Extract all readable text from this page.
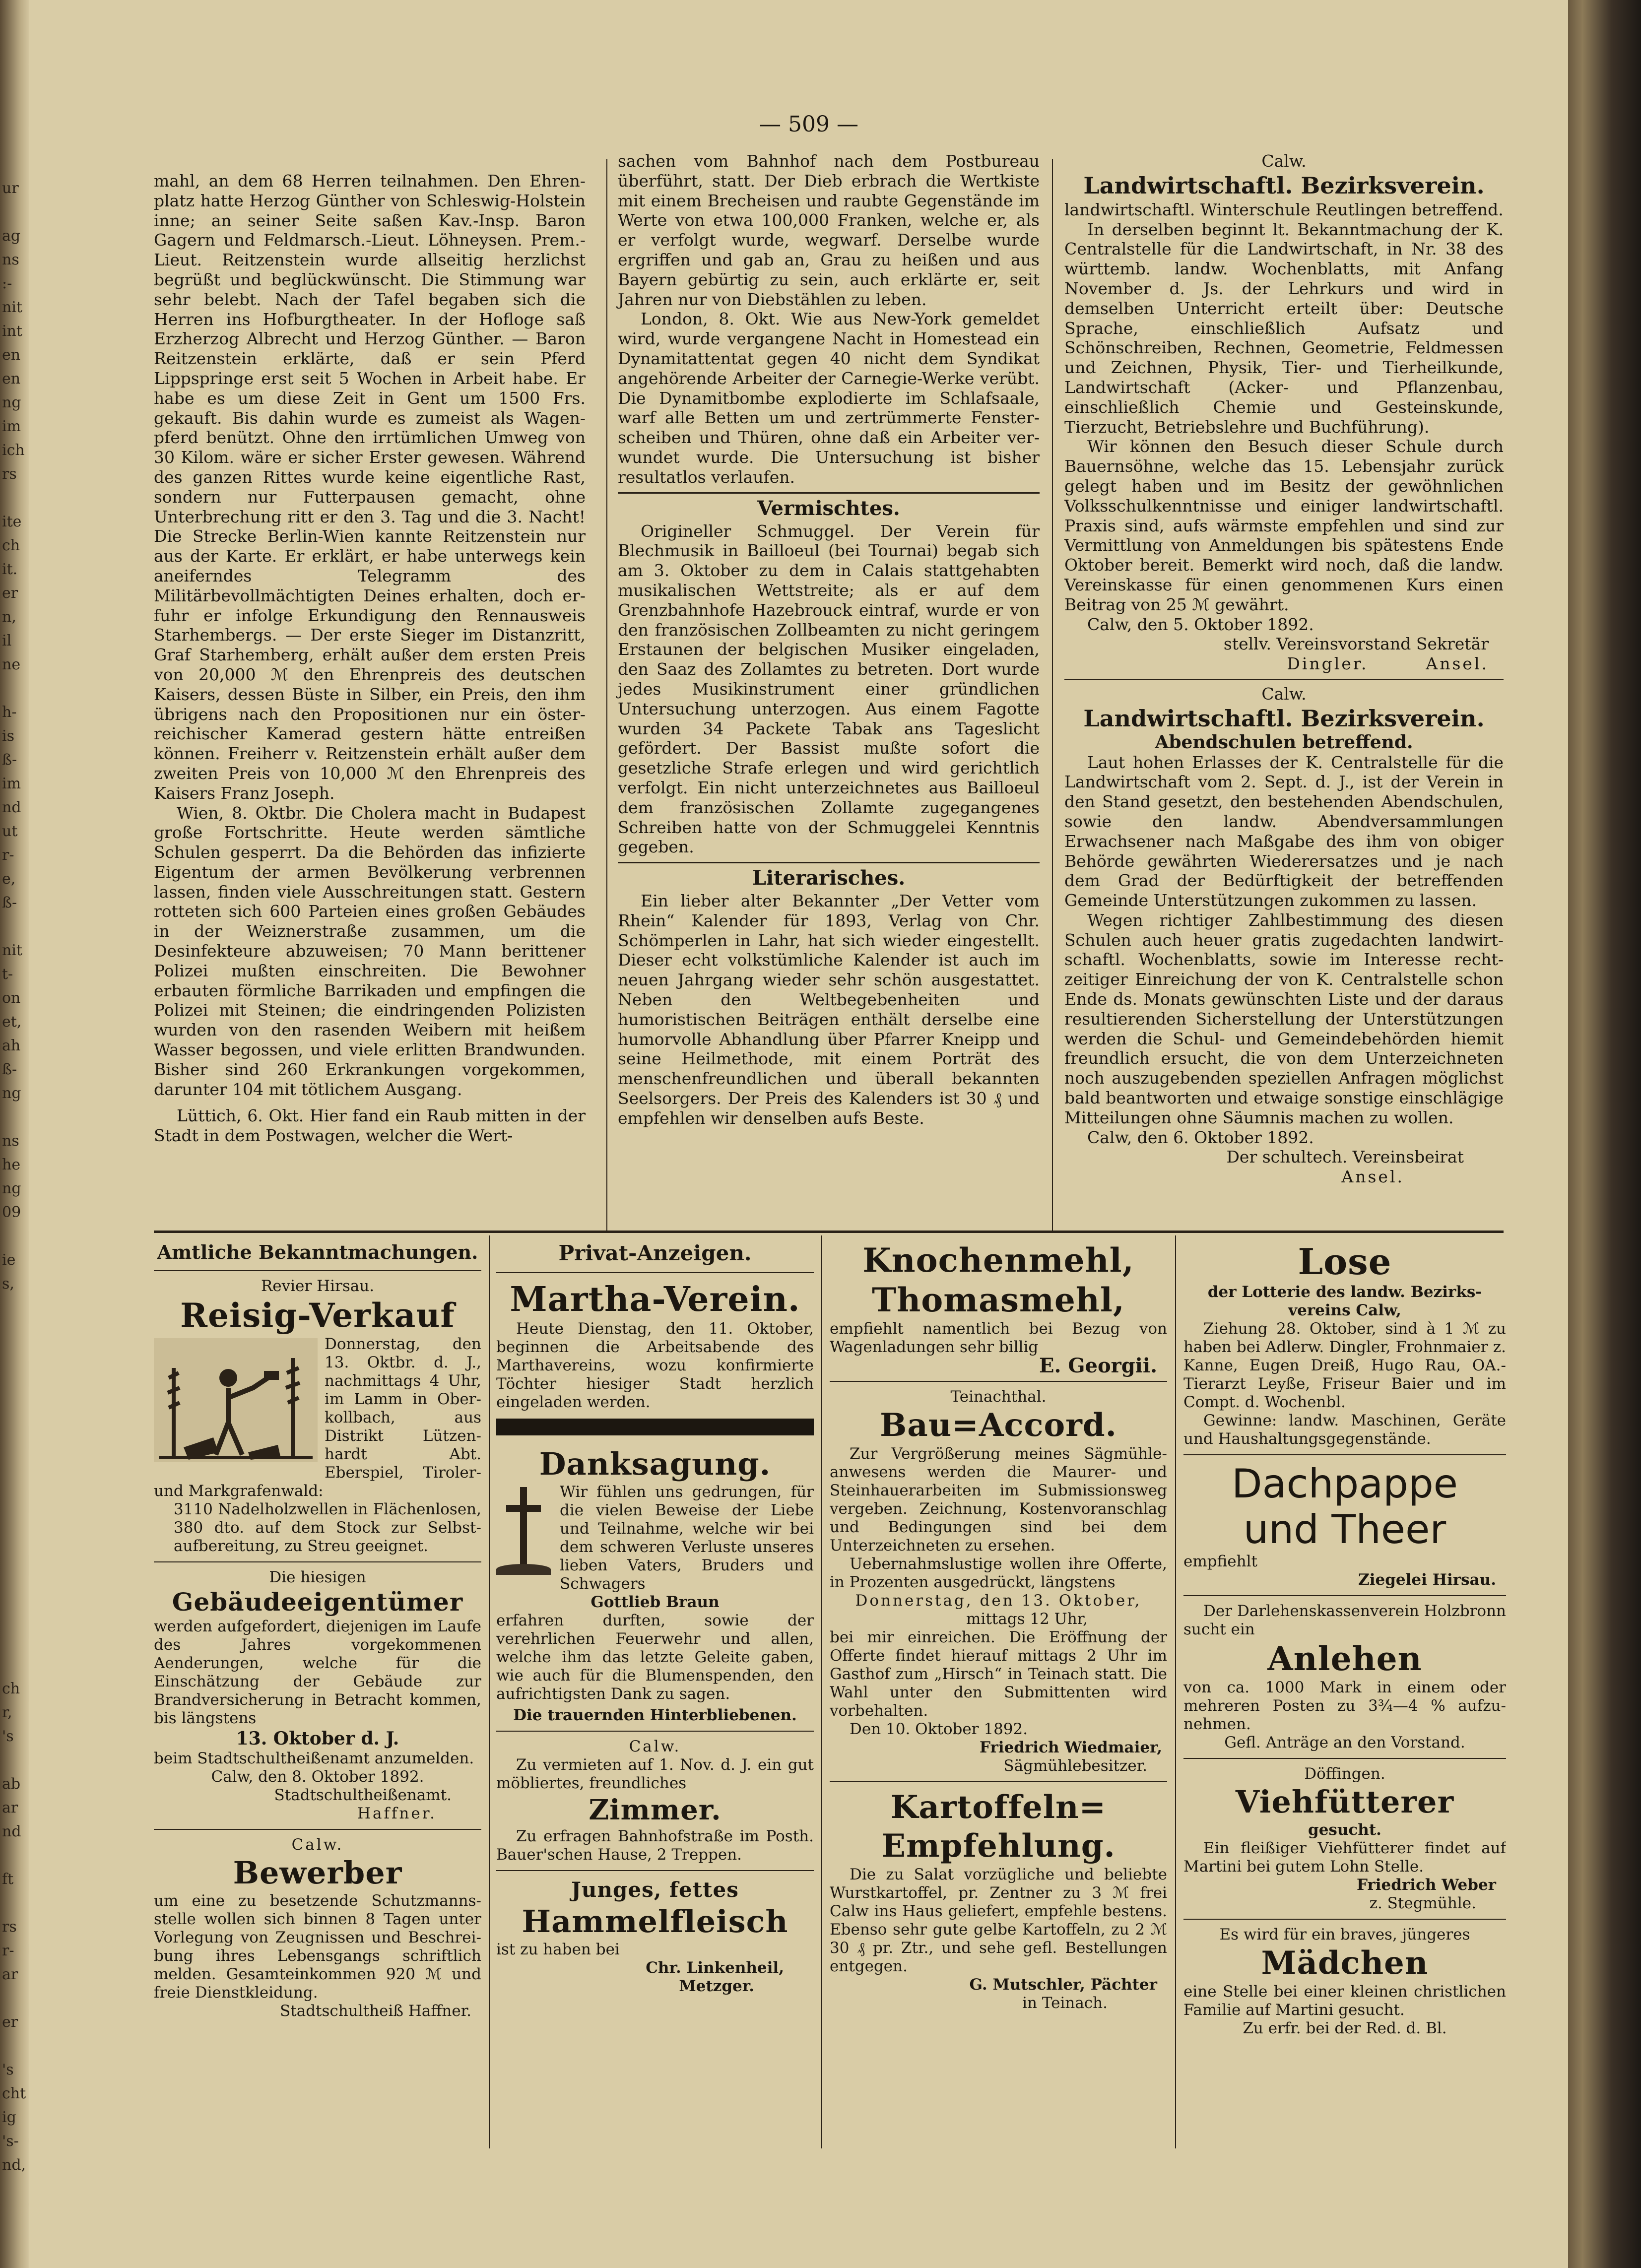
ur
ag
ns
:-
nit
int
en
en
ng
im
ich
rs
ite
ch
it.
er
n,
il
ne
h-
is
ß-
im
nd
ut
r-
e,
ß-
nit
t-
on
et,
ah
ß-
ng
ns
he
ng
09
ie
s,
ch
r,
's
ab
ar
nd
ft
rs
r-
ar
er
's
cht
ig
's-
nd,
— 509 —

mahl, an dem 68 Herren teilnahmen. Den Ehrenplatz hatte Herzog Günther von Schleswig-Holstein inne; an seiner Seite saßen Kav.-Insp. Baron Gagern und Feldmarsch.-Lieut. Löhneysen. Prem.-Lieut. Reitzenstein wurde allseitig herzlichst begrüßt und beglückwünscht. Die Stimmung war sehr belebt. Nach der Tafel begaben sich die Herren ins Hofburgtheater. In der Hofloge saß Erzherzog Albrecht und Herzog Günther. — Baron Reitzenstein erklärte, daß er sein Pferd Lippspringe erst seit 5 Wochen in Arbeit habe. Er habe es um diese Zeit in Gent um 1500 Frs. gekauft. Bis dahin wurde es zumeist als Wagenpferd benützt. Ohne den irrtümlichen Umweg von 30 Kilom. wäre er sicher Erster gewesen. Während des ganzen Rittes wurde keine eigentliche Rast, sondern nur Futterpausen gemacht, ohne Unterbrechung ritt er den 3. Tag und die 3. Nacht! Die Strecke Berlin-Wien kannte Reitzenstein nur aus der Karte. Er erklärt, er habe unterwegs kein aneiferndes Telegramm des Militärbevollmächtigten Deines erhalten, doch erfuhr er infolge Erkundigung den Rennausweis Starhembergs. — Der erste Sieger im Distanzritt, Graf Starhemberg, erhält außer dem ersten Preis von 20,000 ℳ den Ehrenpreis des deutschen Kaisers, dessen Büste in Silber, ein Preis, den ihm übrigens nach den Propositionen nur ein österreichischer Kamerad gestern hätte entreißen können. Freiherr v. Reitzenstein erhält außer dem zweiten Preis von 10,000 ℳ den Ehrenpreis des Kaisers Franz Joseph.

Wien, 8. Oktbr. Die Cholera macht in Budapest große Fortschritte. Heute werden sämtliche Schulen gesperrt. Da die Behörden das infizierte Eigentum der armen Bevölkerung verbrennen lassen, finden viele Ausschreitungen statt. Gestern rotteten sich 600 Parteien eines großen Gebäudes in der Weiznerstraße zusammen, um die Desinfekteure abzuweisen; 70 Mann berittener Polizei mußten einschreiten. Die Bewohner erbauten förmliche Barrikaden und empfingen die Polizei mit Steinen; die eindringenden Polizisten wurden von den rasenden Weibern mit heißem Wasser begossen, und viele erlitten Brandwunden. Bisher sind 260 Erkrankungen vorgekommen, darunter 104 mit tötlichem Ausgang.

Lüttich, 6. Okt. Hier fand ein Raub mitten in der Stadt in dem Postwagen, welcher die Wert-

sachen vom Bahnhof nach dem Postbureau überführt, statt. Der Dieb erbrach die Wertkiste mit einem Brecheisen und raubte Gegenstände im Werte von etwa 100,000 Franken, welche er, als er verfolgt wurde, wegwarf. Derselbe wurde ergriffen und gab an, Grau zu heißen und aus Bayern gebürtig zu sein, auch erklärte er, seit Jahren nur von Diebstählen zu leben.

London, 8. Okt. Wie aus New-York gemeldet wird, wurde vergangene Nacht in Homestead ein Dynamitattentat gegen 40 nicht dem Syndikat angehörende Arbeiter der Carnegie-Werke verübt. Die Dynamitbombe explodierte im Schlafsaale, warf alle Betten um und zertrümmerte Fensterscheiben und Thüren, ohne daß ein Arbeiter verwundet wurde. Die Untersuchung ist bisher resultatlos verlaufen.

Vermischtes.

Origineller Schmuggel. Der Verein für Blechmusik in Bailloeul (bei Tournai) begab sich am 3. Oktober zu dem in Calais stattgehabten musikalischen Wettstreite; als er auf dem Grenzbahnhofe Hazebrouck eintraf, wurde er von den französischen Zollbeamten zu nicht geringem Erstaunen der belgischen Musiker eingeladen, den Saaz des Zollamtes zu betreten. Dort wurde jedes Musikinstrument einer gründlichen Untersuchung unterzogen. Aus einem Fagotte wurden 34 Packete Tabak ans Tageslicht gefördert. Der Bassist mußte sofort die gesetzliche Strafe erlegen und wird gerichtlich verfolgt. Ein nicht unterzeichnetes aus Bailloeul dem französischen Zollamte zugegangenes Schreiben hatte von der Schmuggelei Kenntnis gegeben.

Literarisches.

Ein lieber alter Bekannter „Der Vetter vom Rhein“ Kalender für 1893, Verlag von Chr. Schömperlen in Lahr, hat sich wieder eingestellt. Dieser echt volkstümliche Kalender ist auch im neuen Jahrgang wieder sehr schön ausgestattet. Neben den Weltbegebenheiten und humoristischen Beiträgen enthält derselbe eine humorvolle Abhandlung über Pfarrer Kneipp und seine Heilmethode, mit einem Porträt des menschenfreundlichen und überall bekannten Seelsorgers. Der Preis des Kalenders ist 30 ₰ und empfehlen wir denselben aufs Beste.

Calw.

Landwirtschaftl. Bezirksverein.

landwirtschaftl. Winterschule Reutlingen betreffend.

In derselben beginnt lt. Bekanntmachung der K. Centralstelle für die Landwirtschaft, in Nr. 38 des württemb. landw. Wochenblatts, mit Anfang November d. Js. der Lehrkurs und wird in demselben Unterricht erteilt über: Deutsche Sprache, einschließlich Aufsatz und Schönschreiben, Rechnen, Geometrie, Feldmessen und Zeichnen, Physik, Tier- und Tierheilkunde, Landwirtschaft (Acker- und Pflanzenbau, einschließlich Chemie und Gesteinskunde, Tierzucht, Betriebslehre und Buchführung).

Wir können den Besuch dieser Schule durch Bauernsöhne, welche das 15. Lebensjahr zurück gelegt haben und im Besitz der gewöhnlichen Volksschulkenntnisse und einiger landwirtschaftl. Praxis sind, aufs wärmste empfehlen und sind zur Vermittlung von Anmeldungen bis spätestens Ende Oktober bereit. Bemerkt wird noch, daß die landw. Vereinskasse für einen genommenen Kurs einen Beitrag von 25 ℳ gewährt.

Calw, den 5. Oktober 1892.

stellv. Vereinsvorstand Sekretär

Dingler.        Ansel.

Calw.

Landwirtschaftl. Bezirksverein.

Abendschulen betreffend.

Laut hohen Erlasses der K. Centralstelle für die Landwirtschaft vom 2. Sept. d. J., ist der Verein in den Stand gesetzt, den bestehenden Abendschulen, sowie den landw. Abendversammlungen Erwachsener nach Maßgabe des ihm von obiger Behörde gewährten Wiederersatzes und je nach dem Grad der Bedürftigkeit der betreffenden Gemeinde Unterstützungen zukommen zu lassen.

Wegen richtiger Zahlbestimmung des diesen Schulen auch heuer gratis zugedachten landwirtschaftl. Wochenblatts, sowie im Interesse rechtzeitiger Einreichung der von K. Centralstelle schon Ende ds. Monats gewünschten Liste und der daraus resultierenden Sicherstellung der Unterstützungen werden die Schul- und Gemeindebehörden hiemit freundlich ersucht, die von dem Unterzeichneten noch auszugebenden speziellen Anfragen möglichst bald beantworten und etwaige sonstige einschlägige Mitteilungen ohne Säumnis machen zu wollen.

Calw, den 6. Oktober 1892.

Der schultech. Vereinsbeirat

Ansel.

Amtliche Bekanntmachungen.
Revier Hirsau.
Reisig-Verkauf
Donnerstag, den 13. Oktbr. d. J., nachmittags 4 Uhr, im Lamm in Oberkollbach, aus Distrikt Lützenhardt Abt. Eberspiel, Tiroler- und Markgrafenwald:
3110 Nadelholzwellen in Flächenlosen, 380 dto. auf dem Stock zur Selbstaufbereitung, zu Streu geeignet.
Die hiesigen
Gebäudeeigentümer
werden aufgefordert, diejenigen im Laufe des Jahres vorgekommenen Aenderungen, welche für die Einschätzung der Gebäude zur Brandversicherung in Betracht kommen, bis längstens
13. Oktober d. J.
beim Stadtschultheißenamt anzumelden.
Calw, den 8. Oktober 1892.
Stadtschultheißenamt.
Haffner.
Calw.
Bewerber
um eine zu besetzende Schutzmannsstelle wollen sich binnen 8 Tagen unter Vorlegung von Zeugnissen und Beschreibung ihres Lebensgangs schriftlich melden. Gesamteinkommen 920 ℳ und freie Dienstkleidung.
Stadtschultheiß Haffner.
Privat-Anzeigen.
Martha-Verein.
Heute Dienstag, den 11. Oktober, beginnen die Arbeitsabende des Marthavereins, wozu konfirmierte Töchter hiesiger Stadt herzlich eingeladen werden.
Danksagung.
Wir fühlen uns gedrungen, für die vielen Beweise der Liebe und Teilnahme, welche wir bei dem schweren Verluste unseres lieben Vaters, Bruders und Schwagers
Gottlieb Braun
erfahren durften, sowie der verehrlichen Feuerwehr und allen, welche ihm das letzte Geleite gaben, wie auch für die Blumenspenden, den aufrichtigsten Dank zu sagen.
Die trauernden Hinterbliebenen.
Calw.
Zu vermieten auf 1. Nov. d. J. ein gut möbliertes, freundliches
Zimmer.
Zu erfragen Bahnhofstraße im Posth. Bauer'schen Hause, 2 Treppen.
Junges, fettes
Hammelfleisch
ist zu haben bei
Chr. Linkenheil,
Metzger.
Knochenmehl,
Thomasmehl,
empfiehlt namentlich bei Bezug von Wagenladungen sehr billig
E. Georgii.
Teinachthal.
Bau=Accord.
Zur Vergrößerung meines Sägmühleanwesens werden die Maurer- und Steinhauerarbeiten im Submissionsweg vergeben. Zeichnung, Kostenvoranschlag und Bedingungen sind bei dem Unterzeichneten zu ersehen.
Uebernahmslustige wollen ihre Offerte, in Prozenten ausgedrückt, längstens
Donnerstag, den 13. Oktober,
mittags 12 Uhr,
bei mir einreichen. Die Eröffnung der Offerte findet hierauf mittags 2 Uhr im Gasthof zum „Hirsch“ in Teinach statt. Die Wahl unter den Submittenten wird vorbehalten.
Den 10. Oktober 1892.
Friedrich Wiedmaier,
Sägmühlebesitzer.
Kartoffeln=
Empfehlung.
Die zu Salat vorzügliche und beliebte Wurstkartoffel, pr. Zentner zu 3 ℳ frei Calw ins Haus geliefert, empfehle bestens. Ebenso sehr gute gelbe Kartoffeln, zu 2 ℳ 30 ₰ pr. Ztr., und sehe gefl. Bestellungen entgegen.
G. Mutschler, Pächter
in Teinach.
Lose
der Lotterie des landw. Bezirksvereins Calw,
Ziehung 28. Oktober, sind à 1 ℳ zu haben bei Adlerw. Dingler, Frohnmaier z. Kanne, Eugen Dreiß, Hugo Rau, OA.-Tierarzt Leyße, Friseur Baier und im Compt. d. Wochenbl.
Gewinne: landw. Maschinen, Geräte und Haushaltungsgegenstände.
Dachpappe
und Theer
empfiehlt
Ziegelei Hirsau.
Der Darlehenskassenverein Holzbronn sucht ein
Anlehen
von ca. 1000 Mark in einem oder mehreren Posten zu 3¾—4 % aufzunehmen.
Gefl. Anträge an den Vorstand.
Döffingen.
Viehfütterer
gesucht.
Ein fleißiger Viehfütterer findet auf Martini bei gutem Lohn Stelle.
Friedrich Weber
z. Stegmühle.
Es wird für ein braves, jüngeres
Mädchen
eine Stelle bei einer kleinen christlichen Familie auf Martini gesucht.
Zu erfr. bei der Red. d. Bl.
